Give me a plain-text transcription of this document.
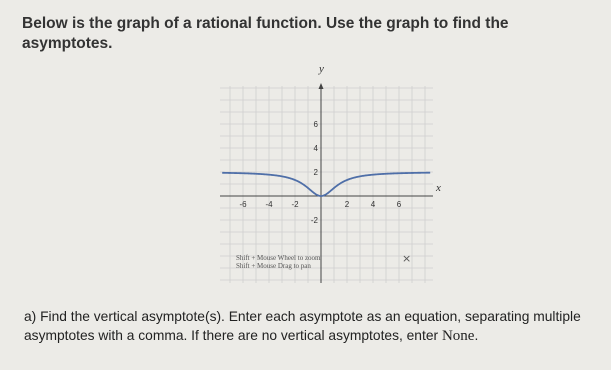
Below is the graph of a rational function. Use the graph to find the asymptotes.
-6 -4 -2	2	4	6
-2
2
4
6
y
x
Shift + Mouse Wheel to zoom
Shift + Mouse Drag to pan
×
a) Find the vertical asymptote(s). Enter each asymptote as an equation, separating multiple asymptotes with a comma. If there are no vertical asymptotes, enter None.
